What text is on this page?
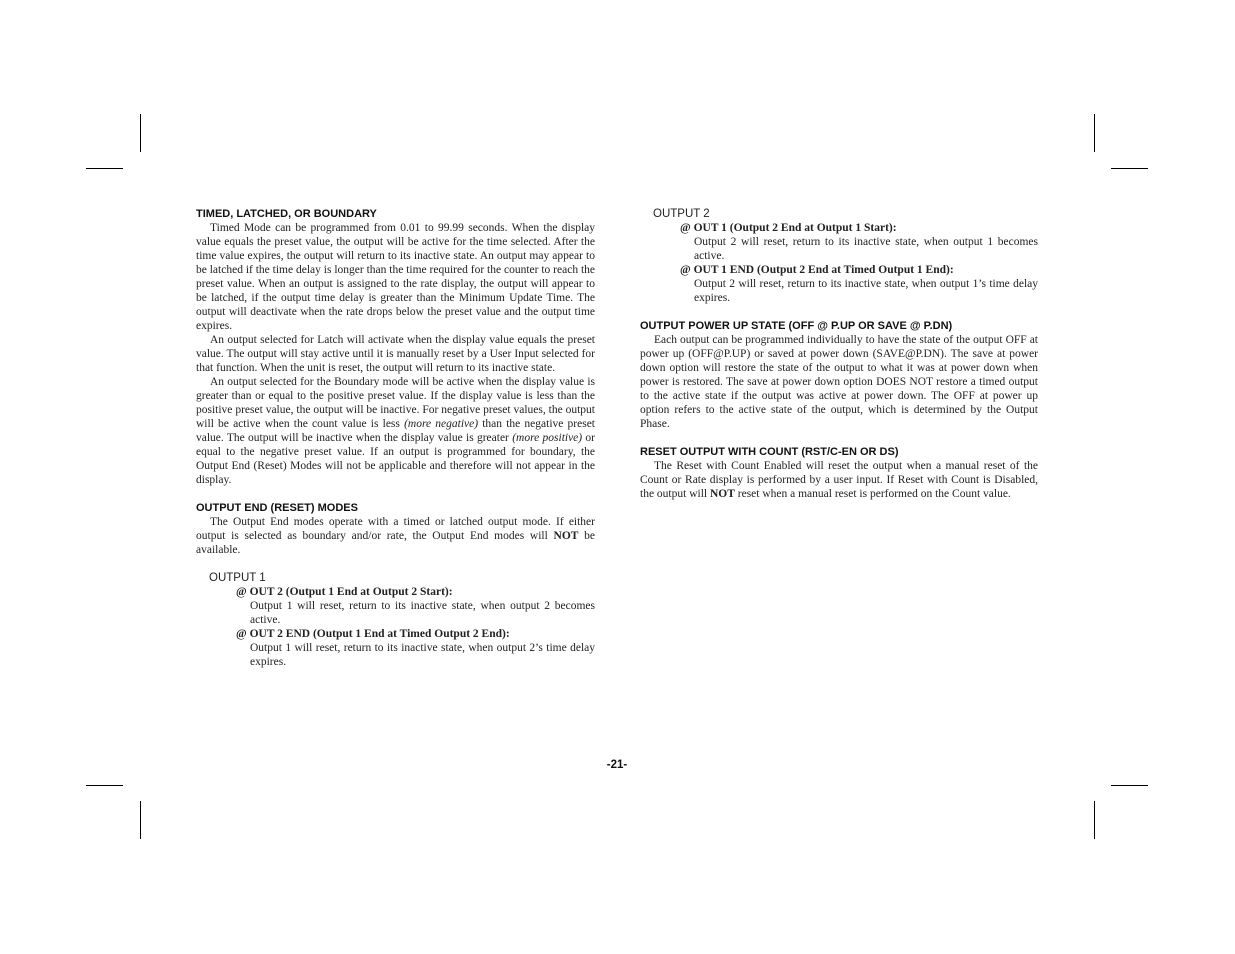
TIMED, LATCHED, OR BOUNDARY

Timed Mode can be programmed from 0.01 to 99.99 seconds. When the display value equals the preset value, the output will be active for the time selected. After the time value expires, the output will return to its inactive state. An output may appear to be latched if the time delay is longer than the time required for the counter to reach the preset value. When an output is assigned to the rate display, the output will appear to be latched, if the output time delay is greater than the Minimum Update Time. The output will deactivate when the rate drops below the preset value and the output time expires.

An output selected for Latch will activate when the display value equals the preset value. The output will stay active until it is manually reset by a User Input selected for that function. When the unit is reset, the output will return to its inactive state.

An output selected for the Boundary mode will be active when the display value is greater than or equal to the positive preset value. If the display value is less than the positive preset value, the output will be inactive. For negative preset values, the output will be active when the count value is less (more negative) than the negative preset value. The output will be inactive when the display value is greater (more positive) or equal to the negative preset value. If an output is programmed for boundary, the Output End (Reset) Modes will not be applicable and therefore will not appear in the display.

OUTPUT END (RESET) MODES

The Output End modes operate with a timed or latched output mode. If either output is selected as boundary and/or rate, the Output End modes will NOT be available.

OUTPUT 1
@ OUT 2 (Output 1 End at Output 2 Start):
Output 1 will reset, return to its inactive state, when output 2 becomes active.
@ OUT 2 END (Output 1 End at Timed Output 2 End):
Output 1 will reset, return to its inactive state, when output 2’s time delay expires.
OUTPUT 2
@ OUT 1 (Output 2 End at Output 1 Start):
Output 2 will reset, return to its inactive state, when output 1 becomes active.
@ OUT 1 END (Output 2 End at Timed Output 1 End):
Output 2 will reset, return to its inactive state, when output 1’s time delay expires.
OUTPUT POWER UP STATE (OFF @ P.UP OR SAVE @ P.DN)

Each output can be programmed individually to have the state of the output OFF at power up (OFF@P.UP) or saved at power down (SAVE@P.DN). The save at power down option will restore the state of the output to what it was at power down when power is restored. The save at power down option DOES NOT restore a timed output to the active state if the output was active at power down. The OFF at power up option refers to the active state of the output, which is determined by the Output Phase.

RESET OUTPUT WITH COUNT (RST/C-EN OR DS)

The Reset with Count Enabled will reset the output when a manual reset of the Count or Rate display is performed by a user input. If Reset with Count is Disabled, the output will NOT reset when a manual reset is performed on the Count value.

-21-
